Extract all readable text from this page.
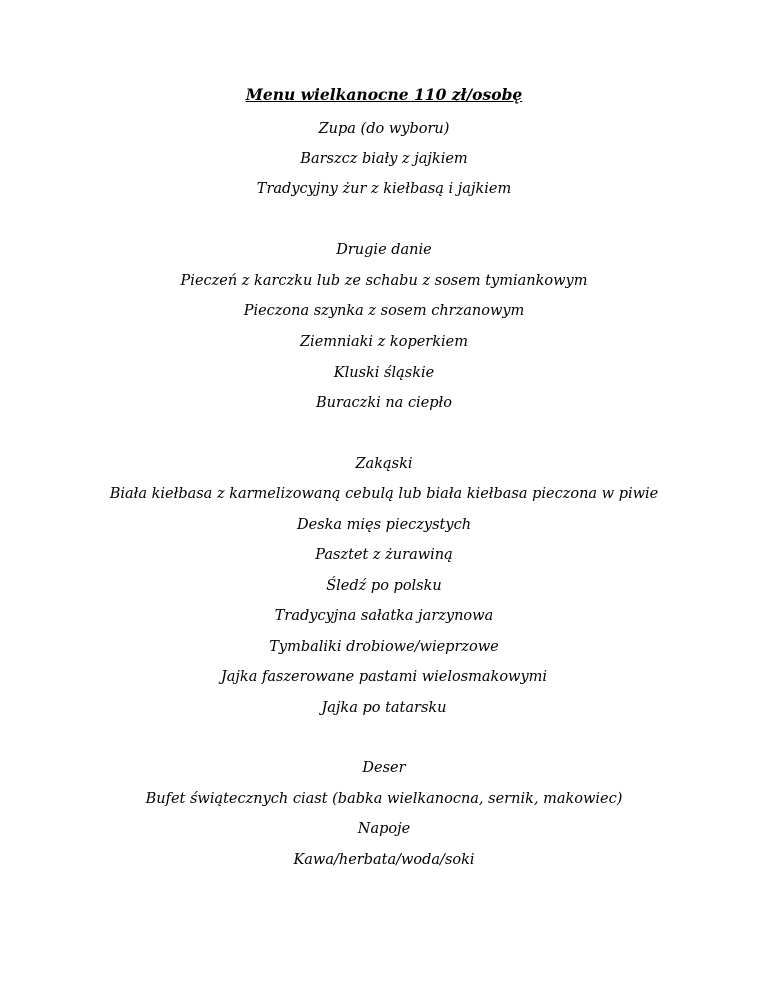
Menu wielkanocne 110 zł/osobę
Zupa (do wyboru)
Barszcz biały z jajkiem
Tradycyjny żur z kiełbasą i jajkiem
Drugie danie
Pieczeń z karczku lub ze schabu z sosem tymiankowym
Pieczona szynka z sosem chrzanowym
Ziemniaki z koperkiem
Kluski śląskie
Buraczki na ciepło
Zakąski
Biała kiełbasa z karmelizowaną cebulą lub biała kiełbasa pieczona w piwie
Deska mięs pieczystych
Pasztet z żurawiną
Śledź po polsku
Tradycyjna sałatka jarzynowa
Tymbaliki drobiowe/wieprzowe
Jajka faszerowane pastami wielosmakowymi
Jajka po tatarsku
Deser
Bufet świątecznych ciast (babka wielkanocna, sernik, makowiec)
Napoje
Kawa/herbata/woda/soki
